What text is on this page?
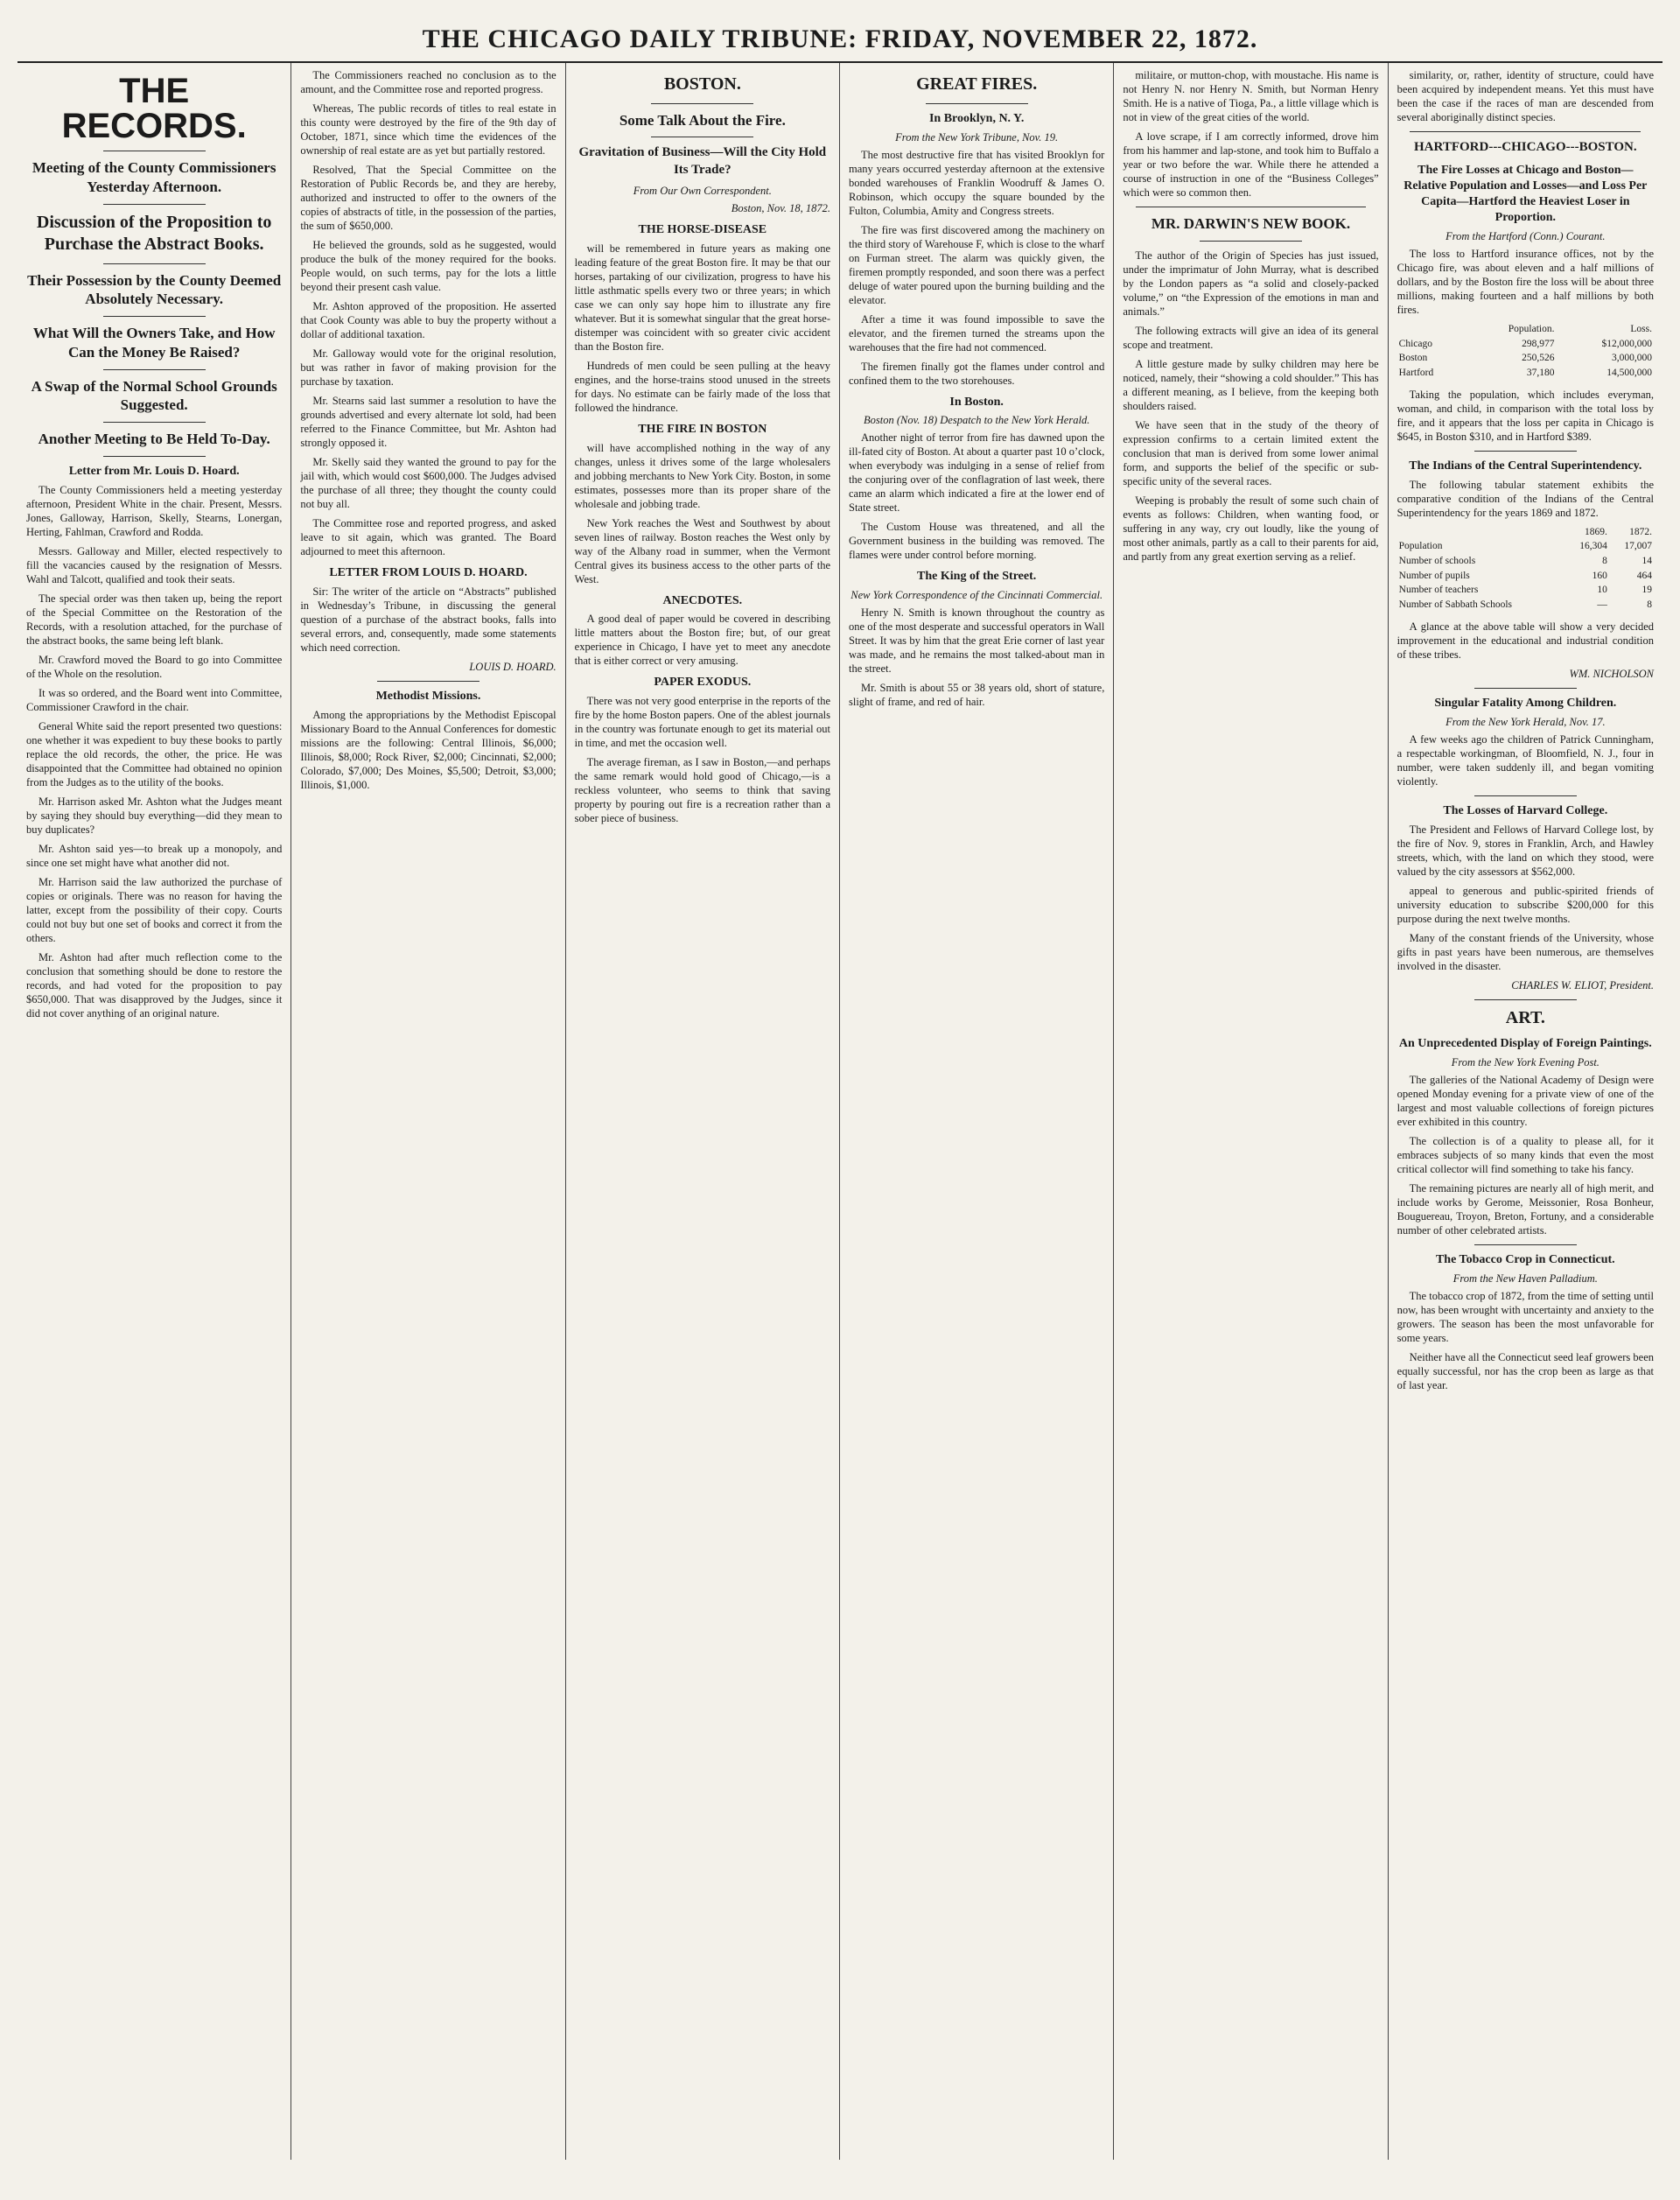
THE CHICAGO DAILY TRIBUNE: FRIDAY, NOVEMBER 22, 1872.
THE RECORDS.
Meeting of the County Commissioners Yesterday Afternoon.
Discussion of the Proposition to Purchase the Abstract Books.
Their Possession by the County Deemed Absolutely Necessary.
What Will the Owners Take, and How Can the Money Be Raised?
A Swap of the Normal School Grounds Suggested.
Another Meeting to Be Held To-Day.
Letter from Mr. Louis D. Hoard.

The County Commissioners held a meeting yesterday afternoon, President White in the chair. Present, Messrs. Jones, Galloway, Harrison, Skelly, Stearns, Lonergan, Herting, Fahlman, Crawford and Rodda.

Messrs. Galloway and Miller, elected respectively to fill the vacancies caused by the resignation of Messrs. Wahl and Talcott, qualified and took their seats.

The special order was then taken up, being the report of the Special Committee on the Restoration of the Records, with a resolution attached, for the purchase of the abstract books, the same being left blank.

Mr. Crawford moved the Board to go into Committee of the Whole on the resolution.

It was so ordered, and the Board went into Committee, Commissioner Crawford in the chair.

General White said the report presented two questions: one whether it was expedient to buy these books to partly replace the old records, the other, the price. He was disappointed that the Committee had obtained no opinion from the Judges as to the utility of the books.

Mr. Harrison asked Mr. Ashton what the Judges meant by saying they should buy everything—did they mean to buy duplicates?

Mr. Ashton said yes—to break up a monopoly, and since one set might have what another did not.

Mr. Harrison said the law authorized the purchase of copies or originals. There was no reason for having the latter, except from the possibility of their copy. Courts could not buy but one set of books and correct it from the others.

Mr. Ashton had after much reflection come to the conclusion that something should be done to restore the records, and had voted for the proposition to pay $650,000. That was disapproved by the Judges, since it did not cover anything of an original nature.

The Commissioners reached no conclusion as to the amount, and the Committee rose and reported progress.

Whereas, The public records of titles to real estate in this county were destroyed by the fire of the 9th day of October, 1871, since which time the evidences of the ownership of real estate are as yet but partially restored.

Resolved, That the Special Committee on the Restoration of Public Records be, and they are hereby, authorized and instructed to offer to the owners of the copies of abstracts of title, in the possession of the parties, the sum of $650,000.

He believed the grounds, sold as he suggested, would produce the bulk of the money required for the books. People would, on such terms, pay for the lots a little beyond their present cash value.

Mr. Ashton approved of the proposition. He asserted that Cook County was able to buy the property without a dollar of additional taxation.

Mr. Galloway would vote for the original resolution, but was rather in favor of making provision for the purchase by taxation.

Mr. Stearns said last summer a resolution to have the grounds advertised and every alternate lot sold, had been referred to the Finance Committee, but Mr. Ashton had strongly opposed it.

Mr. Skelly said they wanted the ground to pay for the jail with, which would cost $600,000. The Judges advised the purchase of all three; they thought the county could not buy all.

The Committee rose and reported progress, and asked leave to sit again, which was granted. The Board adjourned to meet this afternoon.

LETTER FROM LOUIS D. HOARD.

Sir: The writer of the article on “Abstracts” published in Wednesday’s Tribune, in discussing the general question of a purchase of the abstract books, falls into several errors, and, consequently, made some statements which need correction.

LOUIS D. HOARD.
Methodist Missions.

Among the appropriations by the Methodist Episcopal Missionary Board to the Annual Conferences for domestic missions are the following: Central Illinois, $6,000; Illinois, $8,000; Rock River, $2,000; Cincinnati, $2,000; Colorado, $7,000; Des Moines, $5,500; Detroit, $3,000; Illinois, $1,000.

BOSTON.
Some Talk About the Fire.
Gravitation of Business—Will the City Hold Its Trade?
From Our Own Correspondent.
Boston, Nov. 18, 1872.
THE HORSE-DISEASE

will be remembered in future years as making one leading feature of the great Boston fire. It may be that our horses, partaking of our civilization, progress to have his little asthmatic spells every two or three years; in which case we can only say hope him to illustrate any fire whatever. But it is somewhat singular that the great horse-distemper was coincident with so greater civic accident than the Boston fire.

Hundreds of men could be seen pulling at the heavy engines, and the horse-trains stood unused in the streets for days. No estimate can be fairly made of the loss that followed the hindrance.

THE FIRE IN BOSTON

will have accomplished nothing in the way of any changes, unless it drives some of the large wholesalers and jobbing merchants to New York City. Boston, in some estimates, possesses more than its proper share of the wholesale and jobbing trade.

New York reaches the West and Southwest by about seven lines of railway. Boston reaches the West only by way of the Albany road in summer, when the Vermont Central gives its business access to the other parts of the West.

ANECDOTES.

A good deal of paper would be covered in describing little matters about the Boston fire; but, of our great experience in Chicago, I have yet to meet any anecdote that is either correct or very amusing.

PAPER EXODUS.

There was not very good enterprise in the reports of the fire by the home Boston papers. One of the ablest journals in the country was fortunate enough to get its material out in time, and met the occasion well.

The average fireman, as I saw in Boston,—and perhaps the same remark would hold good of Chicago,—is a reckless volunteer, who seems to think that saving property by pouring out fire is a recreation rather than a sober piece of business.

GREAT FIRES.
In Brooklyn, N. Y.
From the New York Tribune, Nov. 19.

The most destructive fire that has visited Brooklyn for many years occurred yesterday afternoon at the extensive bonded warehouses of Franklin Woodruff & James O. Robinson, which occupy the square bounded by the Fulton, Columbia, Amity and Congress streets.

The fire was first discovered among the machinery on the third story of Warehouse F, which is close to the wharf on Furman street. The alarm was quickly given, the firemen promptly responded, and soon there was a perfect deluge of water poured upon the burning building and the elevator.

After a time it was found impossible to save the elevator, and the firemen turned the streams upon the warehouses that the fire had not commenced.

The firemen finally got the flames under control and confined them to the two storehouses.

In Boston.
Boston (Nov. 18) Despatch to the New York Herald.

Another night of terror from fire has dawned upon the ill-fated city of Boston. At about a quarter past 10 o’clock, when everybody was indulging in a sense of relief from the conjuring over of the conflagration of last week, there came an alarm which indicated a fire at the lower end of State street.

The Custom House was threatened, and all the Government business in the building was removed. The flames were under control before morning.

The King of the Street.
New York Correspondence of the Cincinnati Commercial.

Henry N. Smith is known throughout the country as one of the most desperate and successful operators in Wall Street. It was by him that the great Erie corner of last year was made, and he remains the most talked-about man in the street.

Mr. Smith is about 55 or 38 years old, short of stature, slight of frame, and red of hair.

militaire, or mutton-chop, with moustache. His name is not Henry N. nor Henry N. Smith, but Norman Henry Smith. He is a native of Tioga, Pa., a little village which is not in view of the great cities of the world.

A love scrape, if I am correctly informed, drove him from his hammer and lap-stone, and took him to Buffalo a year or two before the war. While there he attended a course of instruction in one of the “Business Colleges” which were so common then.

MR. DARWIN'S NEW BOOK.

The author of the Origin of Species has just issued, under the imprimatur of John Murray, what is described by the London papers as “a solid and closely-packed volume,” on “the Expression of the emotions in man and animals.”

The following extracts will give an idea of its general scope and treatment.

A little gesture made by sulky children may here be noticed, namely, their “showing a cold shoulder.” This has a different meaning, as I believe, from the keeping both shoulders raised.

We have seen that in the study of the theory of expression confirms to a certain limited extent the conclusion that man is derived from some lower animal form, and supports the belief of the specific or sub-specific unity of the several races.

Weeping is probably the result of some such chain of events as follows: Children, when wanting food, or suffering in any way, cry out loudly, like the young of most other animals, partly as a call to their parents for aid, and partly from any great exertion serving as a relief.

similarity, or, rather, identity of structure, could have been acquired by independent means. Yet this must have been the case if the races of man are descended from several aboriginally distinct species.

HARTFORD---CHICAGO---BOSTON.
The Fire Losses at Chicago and Boston—Relative Population and Losses—and Loss Per Capita—Hartford the Heaviest Loser in Proportion.
From the Hartford (Conn.) Courant.

The loss to Hartford insurance offices, not by the Chicago fire, was about eleven and a half millions of dollars, and by the Boston fire the loss will be about three millions, making fourteen and a half millions by both fires.

	Population.	Loss.
Chicago	298,977	$12,000,000
Boston	250,526	3,000,000
Hartford	37,180	14,500,000

Taking the population, which includes everyman, woman, and child, in comparison with the total loss by fire, and it appears that the loss per capita in Chicago is $645, in Boston $310, and in Hartford $389.

The Indians of the Central Superintendency.

The following tabular statement exhibits the comparative condition of the Indians of the Central Superintendency for the years 1869 and 1872.

	1869.	1872.
Population	16,304	17,007
Number of schools	8	14
Number of pupils	160	464
Number of teachers	10	19
Number of Sabbath Schools	—	8

A glance at the above table will show a very decided improvement in the educational and industrial condition of these tribes.

WM. NICHOLSON
Singular Fatality Among Children.
From the New York Herald, Nov. 17.

A few weeks ago the children of Patrick Cunningham, a respectable workingman, of Bloomfield, N. J., four in number, were taken suddenly ill, and began vomiting violently.

The Losses of Harvard College.

The President and Fellows of Harvard College lost, by the fire of Nov. 9, stores in Franklin, Arch, and Hawley streets, which, with the land on which they stood, were valued by the city assessors at $562,000.

appeal to generous and public-spirited friends of university education to subscribe $200,000 for this purpose during the next twelve months.

Many of the constant friends of the University, whose gifts in past years have been numerous, are themselves involved in the disaster.

CHARLES W. ELIOT, President.
ART.
An Unprecedented Display of Foreign Paintings.
From the New York Evening Post.

The galleries of the National Academy of Design were opened Monday evening for a private view of one of the largest and most valuable collections of foreign pictures ever exhibited in this country.

The collection is of a quality to please all, for it embraces subjects of so many kinds that even the most critical collector will find something to take his fancy.

The remaining pictures are nearly all of high merit, and include works by Gerome, Meissonier, Rosa Bonheur, Bouguereau, Troyon, Breton, Fortuny, and a considerable number of other celebrated artists.

The Tobacco Crop in Connecticut.
From the New Haven Palladium.

The tobacco crop of 1872, from the time of setting until now, has been wrought with uncertainty and anxiety to the growers. The season has been the most unfavorable for some years.

Neither have all the Connecticut seed leaf growers been equally successful, nor has the crop been as large as that of last year.
